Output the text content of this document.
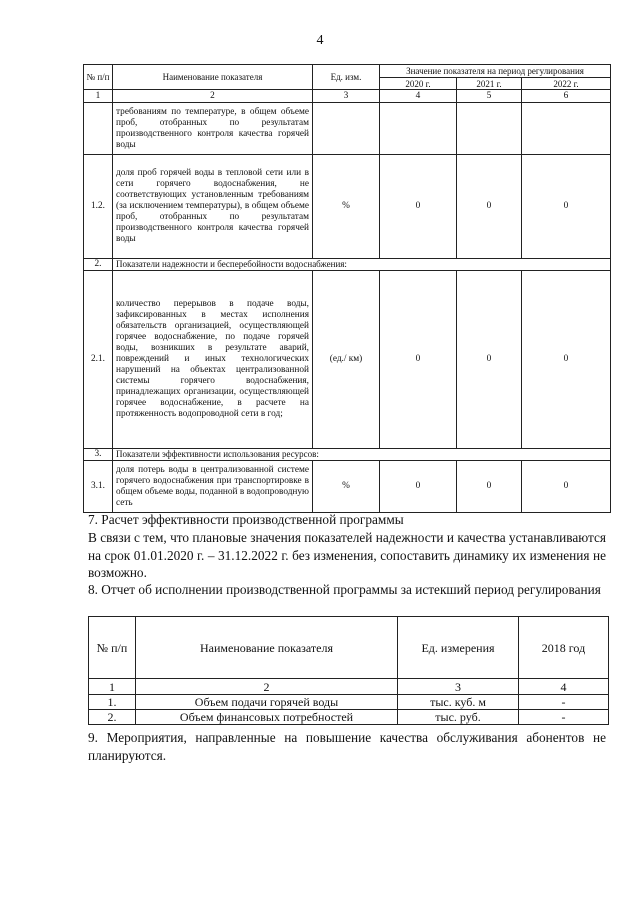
4
№ п/п	Наименование показателя	Ед. изм.	Значение показателя на период регулирования		
			2020 г.	2021 г.	2022 г.
1	2	3	4	5	6
	требованиям по температуре, в общем объеме проб, отобранных по результатам производственного контроля качества горячей воды				
1.2.	доля проб горячей воды в тепловой сети или в сети горячего водоснабжения, не соответствующих установленным требованиям (за исключением температуры), в общем объеме проб, отобранных по результатам производственного контроля качества горячей воды	%	0	0	0
2.	Показатели надежности и бесперебойности водоснабжения:				
2.1.	количество перерывов в подаче воды, зафиксированных в местах исполнения обязательств организацией, осуществляющей горячее водоснабжение, по подаче горячей воды, возникших в результате аварий, повреждений и иных технологических нарушений на объектах централизованной системы горячего водоснабжения, принадлежащих организации, осуществляющей горячее водоснабжение, в расчете на протяженность водопроводной сети в год;	(ед./ км)	0	0	0
3.	Показатели эффективности использования ресурсов:				
3.1.	доля потерь воды в централизованной системе горячего водоснабжения при транспортировке в общем объеме воды, поданной в водопроводную сеть	%	0	0	0
7. Расчет эффективности производственной программы
В связи с тем, что плановые значения показателей надежности и качества устанавливаются на срок 01.01.2020 г. – 31.12.2022 г. без изменения, сопоставить динамику их изменения не возможно.
8. Отчет об исполнении производственной программы за истекший период регулирования
№ п/п	Наименование показателя	Ед. измерения	2018 год
1	2	3	4
1.	Объем подачи горячей воды	тыс. куб. м	-
2.	Объем финансовых потребностей	тыс. руб.	-
9. Мероприятия, направленные на повышение качества обслуживания абонентов не планируются.
